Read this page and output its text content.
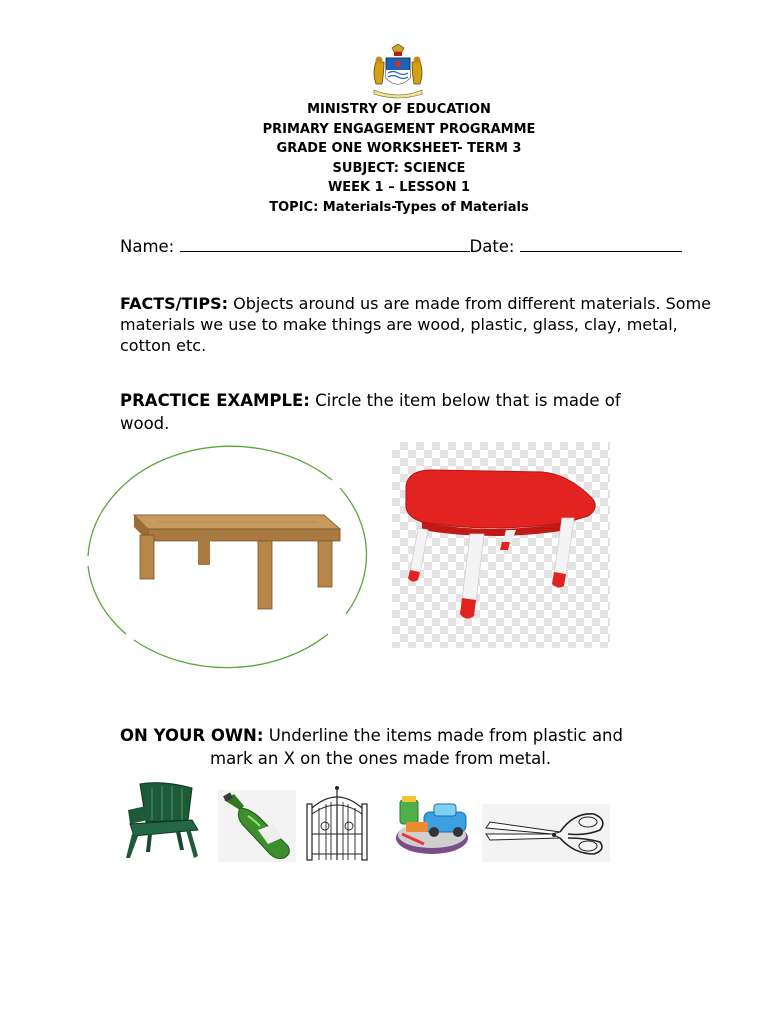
MINISTRY OF EDUCATION
PRIMARY ENGAGEMENT PROGRAMME
GRADE ONE WORKSHEET- TERM 3
SUBJECT: SCIENCE
WEEK 1 – LESSON 1
TOPIC: Materials-Types of Materials
Name:	Date:
FACTS/TIPS: Objects around us are made from different materials. Some materials we use to make things are wood, plastic, glass, clay, metal, cotton etc.
PRACTICE EXAMPLE: Circle the item below that is made of wood.
ON YOUR OWN: Underline the items made from plastic and
mark an X on the ones made from metal.
